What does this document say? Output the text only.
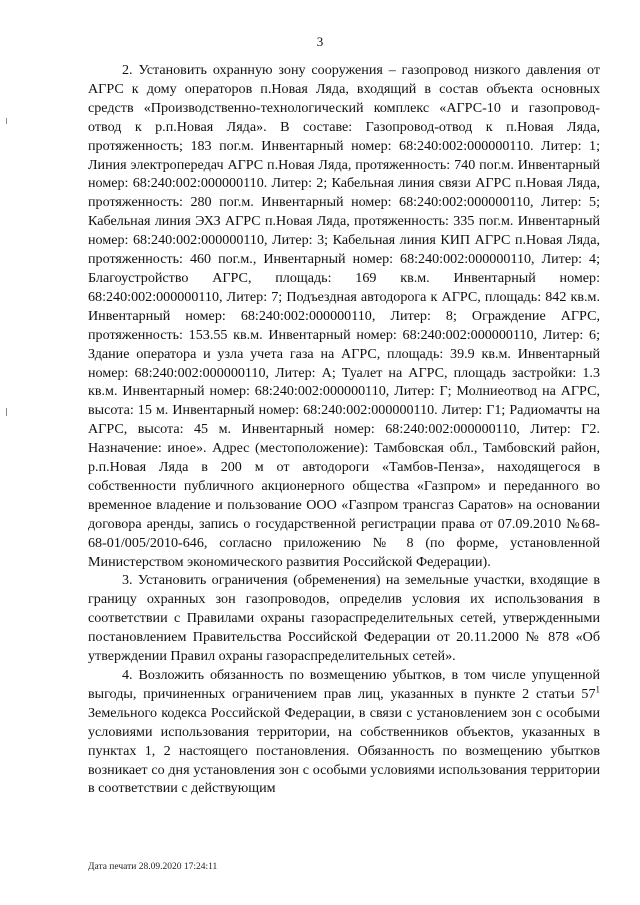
3

2. Установить охранную зону сооружения – газопровод низкого давления от АГРС к дому операторов п.Новая Ляда, входящий в состав объекта основных средств «Производственно-технологический комплекс «АГРС-10 и газопровод-отвод к р.п.Новая Ляда». В составе: Газопровод-отвод к п.Новая Ляда, протяженность; 183 пог.м. Инвентарный номер: 68:240:002:000000110. Литер: 1; Линия электропередач АГРС п.Новая Ляда, протяженность: 740 пог.м. Инвентарный номер: 68:240:002:000000110. Литер: 2; Кабельная линия связи АГРС п.Новая Ляда, протяженность: 280 пог.м. Инвентарный номер: 68:240:002:000000110, Литер: 5; Кабельная линия ЭХЗ АГРС п.Новая Ляда, протяженность: 335 пог.м. Инвентарный номер: 68:240:002:000000110, Литер: 3; Кабельная линия КИП АГРС п.Новая Ляда, протяженность: 460 пог.м., Инвентарный номер: 68:240:002:000000110, Литер: 4; Благоустройство АГРС, площадь: 169 кв.м. Инвентарный номер: 68:240:002:000000110, Литер: 7; Подъездная автодорога к АГРС, площадь: 842 кв.м. Инвентарный номер: 68:240:002:000000110, Литер: 8; Ограждение АГРС, протяженность: 153.55 кв.м. Инвентарный номер: 68:240:002:000000110, Литер: 6; Здание оператора и узла учета газа на АГРС, площадь: 39.9 кв.м. Инвентарный номер: 68:240:002:000000110, Литер: А; Туалет на АГРС, площадь застройки: 1.3 кв.м. Инвентарный номер: 68:240:002:000000110, Литер: Г; Молниеотвод на АГРС, высота: 15 м. Инвентарный номер: 68:240:002:000000110. Литер: Г1; Радиомачты на АГРС, высота: 45 м. Инвентарный номер: 68:240:002:000000110, Литер: Г2. Назначение: иное». Адрес (местоположение): Тамбовская обл., Тамбовский район, р.п.Новая Ляда в 200 м от автодороги «Тамбов-Пенза», находящегося в собственности публичного акционерного общества «Газпром» и переданного во временное владение и пользование ООО «Газпром трансгаз Саратов» на основании договора аренды, запись о государственной регистрации права от 07.09.2010 №68-68-01/005/2010-646, согласно приложению № 8 (по форме, установленной Министерством экономического развития Российской Федерации).

3. Установить ограничения (обременения) на земельные участки, входящие в границу охранных зон газопроводов, определив условия их использования в соответствии с Правилами охраны газораспределительных сетей, утвержденными постановлением Правительства Российской Федерации от 20.11.2000 № 878 «Об утверждении Правил охраны газораспределительных сетей».

4. Возложить обязанность по возмещению убытков, в том числе упущенной выгоды, причиненных ограничением прав лиц, указанных в пункте 2 статьи $57^1$ Земельного кодекса Российской Федерации, в связи с установлением зон с особыми условиями использования территории, на собственников объектов, указанных в пунктах 1, 2 настоящего постановления. Обязанность по возмещению убытков возникает со дня установления зон с особыми условиями использования территории в соответствии с действующим

Дата печати 28.09.2020 17:24:11
